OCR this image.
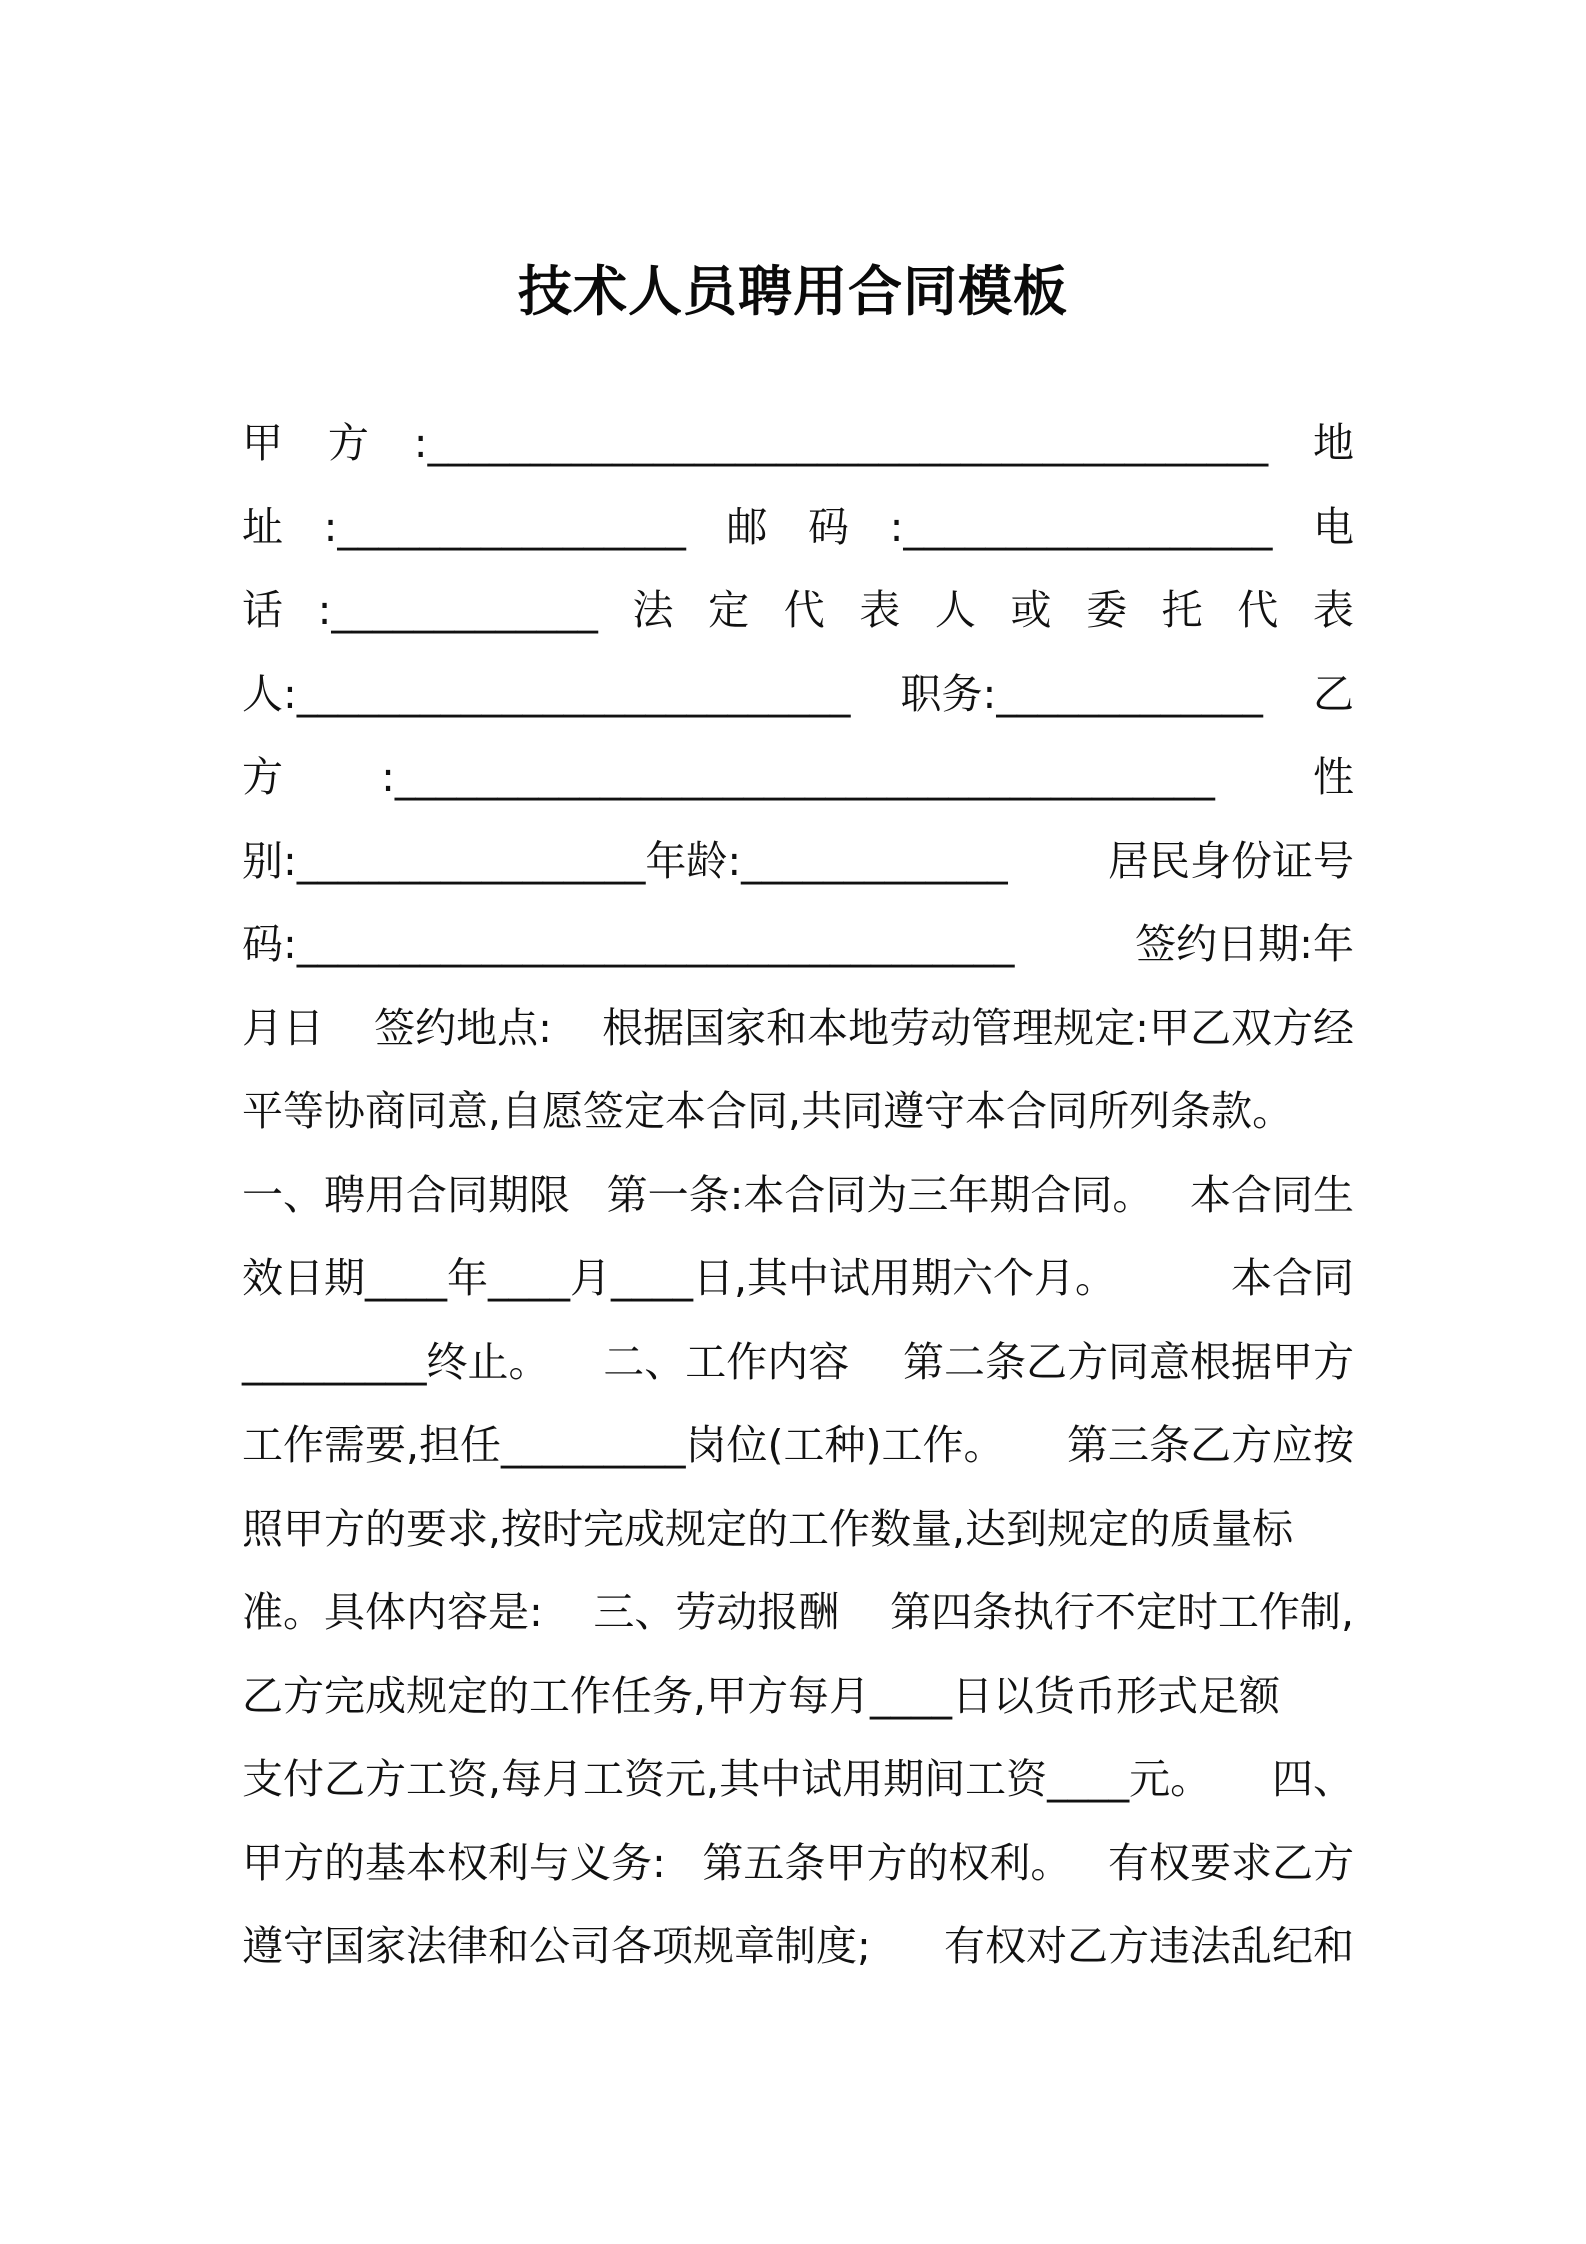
技术人员聘用合同模板
甲 方 :_________________________________________ 地
址 :_________________ 邮 码 :__________________ 电
话 :_____________ 法 定 代 表 人 或 委 托 代 表
人:___________________________ 职务:_____________ 乙
方 :________________________________________ 性
别:_________________年龄:_____________ 居民身份证号
码:___________________________________	签约日期:年
月日 签约地点: 根据国家和本地劳动管理规定:甲乙双方经
平等协商同意,自愿签定本合同,共同遵守本合同所列条款。
一、聘用合同期限 第一条:本合同为三年期合同。 本合同生
效日期____年____月____日,其中试用期六个月。	本合同
_________终止。 二、工作内容 第二条乙方同意根据甲方
工作需要,担任_________岗位(工种)工作。 第三条乙方应按
照甲方的要求,按时完成规定的工作数量,达到规定的质量标
准。具体内容是: 三、劳动报酬 第四条执行不定时工作制,
乙方完成规定的工作任务,甲方每月____日以货币形式足额
支付乙方工资,每月工资元,其中试用期间工资____元。 四、
甲方的基本权利与义务: 第五条甲方的权利。 有权要求乙方
遵守国家法律和公司各项规章制度; 有权对乙方违法乱纪和
